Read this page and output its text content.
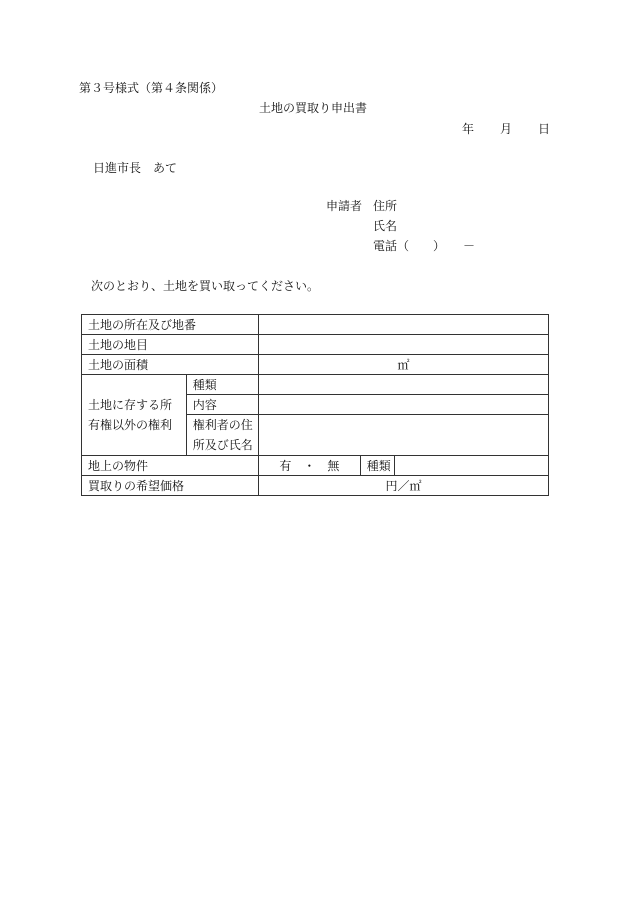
第３号様式（第４条関係）
土地の買取り申出書
年 月 日
日進市長 あて
申請者 住所
氏名
電話（　　）　　－
次のとおり、土地を買い取ってください。
土地の所在及び地番				
土地の地目				
土地の面積		㎡		

土地に存する所
有権以外の権利	種類			
	内容			

	権利者の住
所及び氏名			

地上の物件		有　・　無	種類	
買取りの希望価格		円／㎡		
